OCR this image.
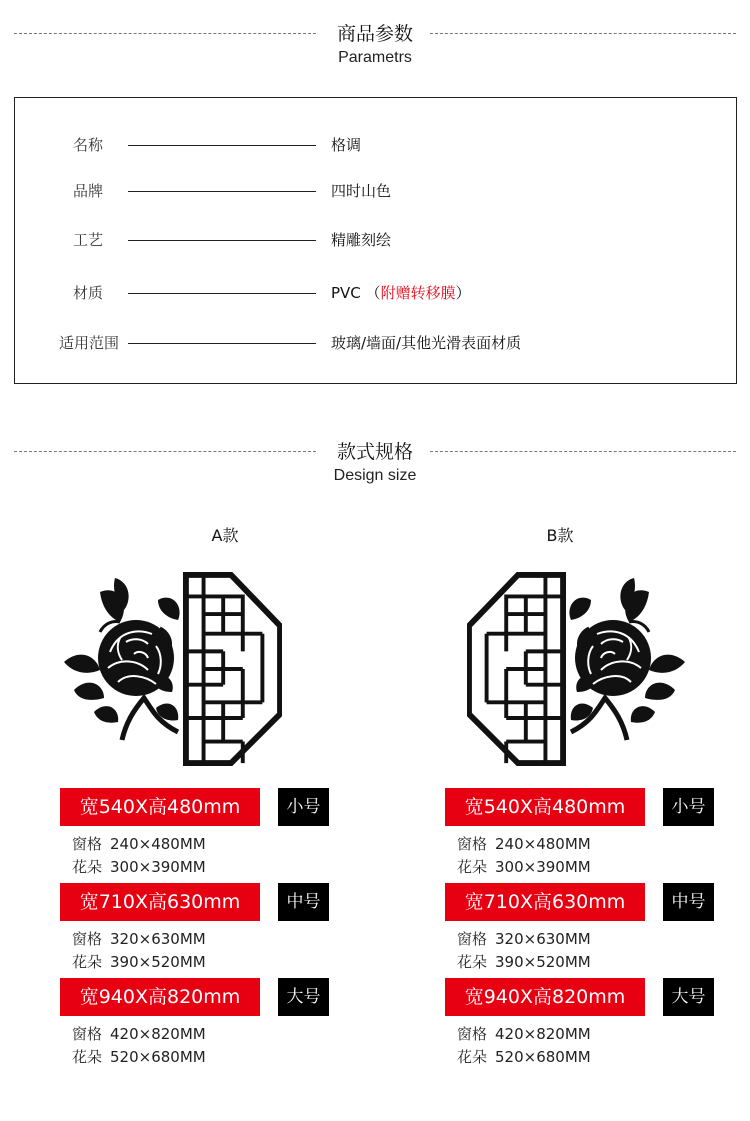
商品参数
Parametrs
名称	格调
品牌	四时山色
工艺	精雕刻绘
材质	PVC （附赠转移膜）
适用范围	玻璃/墙面/其他光滑表面材质
款式规格
Design size
A款
宽540X高480mm	小号
窗格 240×480MM
花朵 300×390MM
宽710X高630mm	中号
窗格 320×630MM
花朵 390×520MM
宽940X高820mm	大号
窗格 420×820MM
花朵 520×680MM
B款
宽540X高480mm	小号
窗格 240×480MM
花朵 300×390MM
宽710X高630mm	中号
窗格 320×630MM
花朵 390×520MM
宽940X高820mm	大号
窗格 420×820MM
花朵 520×680MM
